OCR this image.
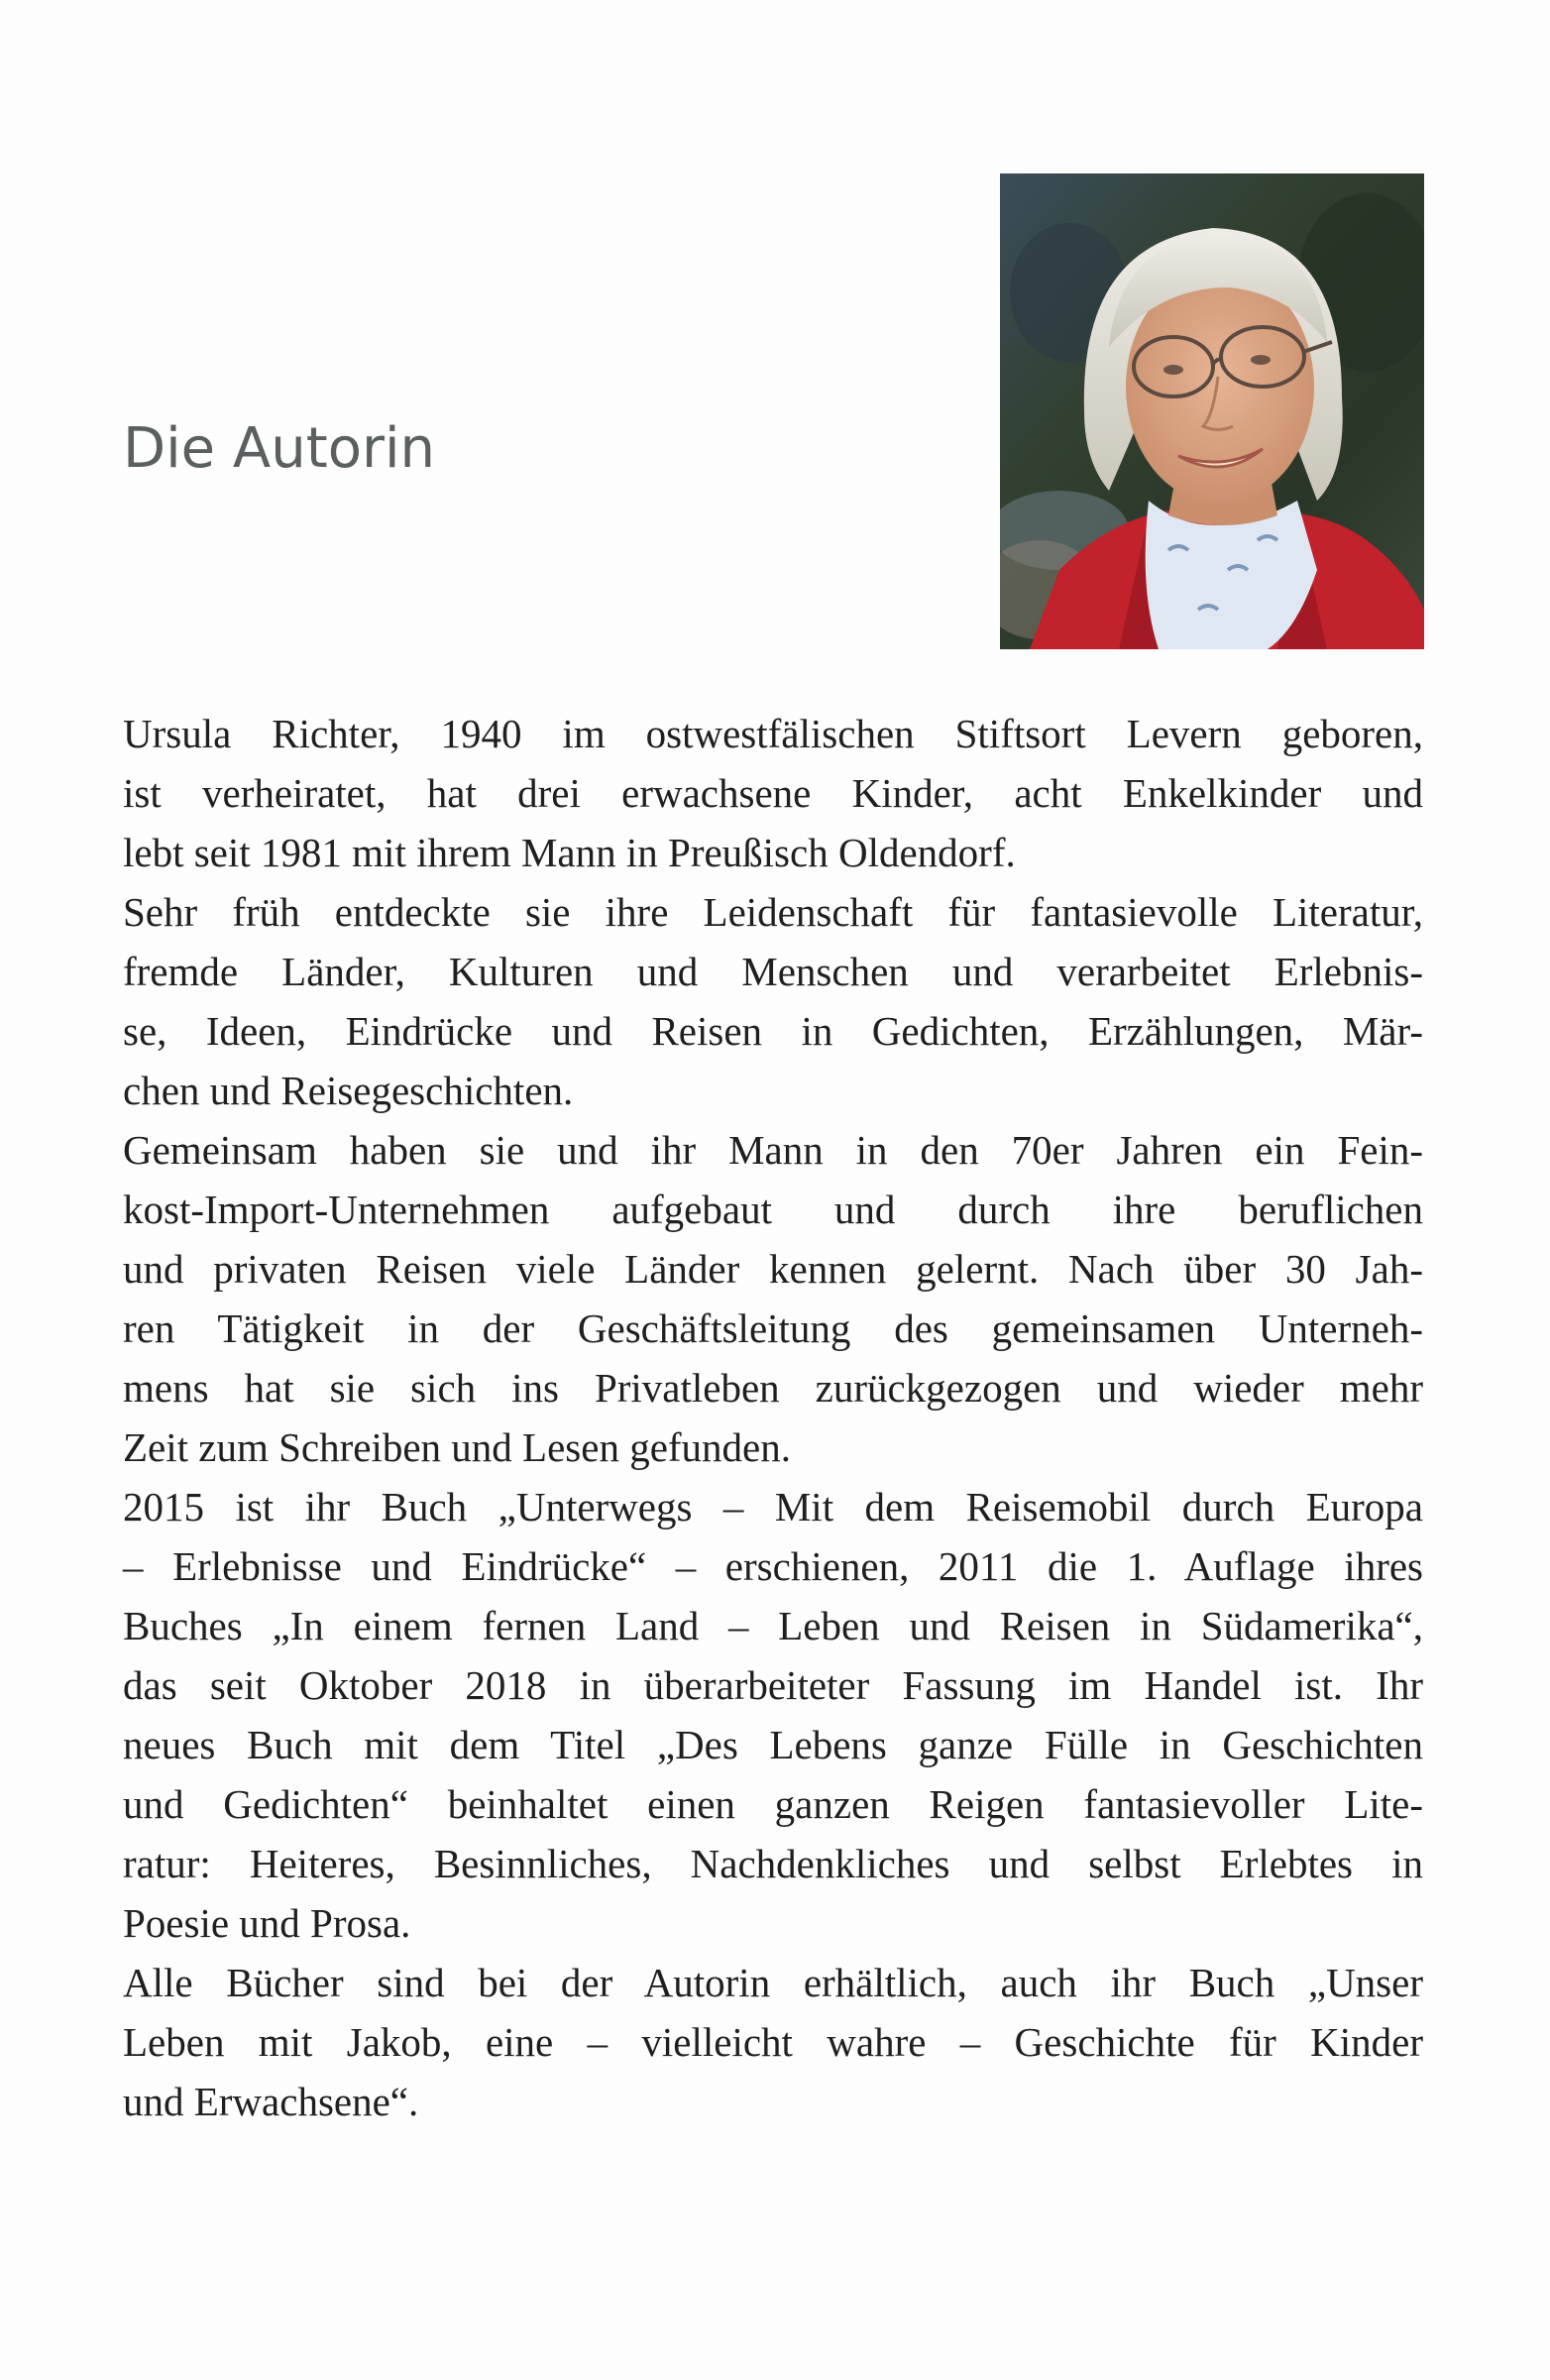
Die Autorin
Ursula Richter, 1940 im ostwestfälischen Stiftsort Levern geboren,
ist verheiratet, hat drei erwachsene Kinder, acht Enkelkinder und
lebt seit 1981 mit ihrem Mann in Preußisch Oldendorf.
Sehr früh entdeckte sie ihre Leidenschaft für fantasievolle Literatur,
fremde Länder, Kulturen und Menschen und verarbeitet Erlebnis-
se, Ideen, Eindrücke und Reisen in Gedichten, Erzählungen, Mär-
chen und Reisegeschichten.
Gemeinsam haben sie und ihr Mann in den 70er Jahren ein Fein-
kost-Import-Unternehmen aufgebaut und durch ihre beruflichen
und privaten Reisen viele Länder kennen gelernt. Nach über 30 Jah-
ren Tätigkeit in der Geschäftsleitung des gemeinsamen Unterneh-
mens hat sie sich ins Privatleben zurückgezogen und wieder mehr
Zeit zum Schreiben und Lesen gefunden.
2015 ist ihr Buch „Unterwegs – Mit dem Reisemobil durch Europa
– Erlebnisse und Eindrücke“ – erschienen, 2011 die 1. Auflage ihres
Buches „In einem fernen Land – Leben und Reisen in Südamerika“,
das seit Oktober 2018 in überarbeiteter Fassung im Handel ist. Ihr
neues Buch mit dem Titel „Des Lebens ganze Fülle in Geschichten
und Gedichten“ beinhaltet einen ganzen Reigen fantasievoller Lite-
ratur: Heiteres, Besinnliches, Nachdenkliches und selbst Erlebtes in
Poesie und Prosa.
Alle Bücher sind bei der Autorin erhältlich, auch ihr Buch „Unser
Leben mit Jakob, eine – vielleicht wahre – Geschichte für Kinder
und Erwachsene“.
